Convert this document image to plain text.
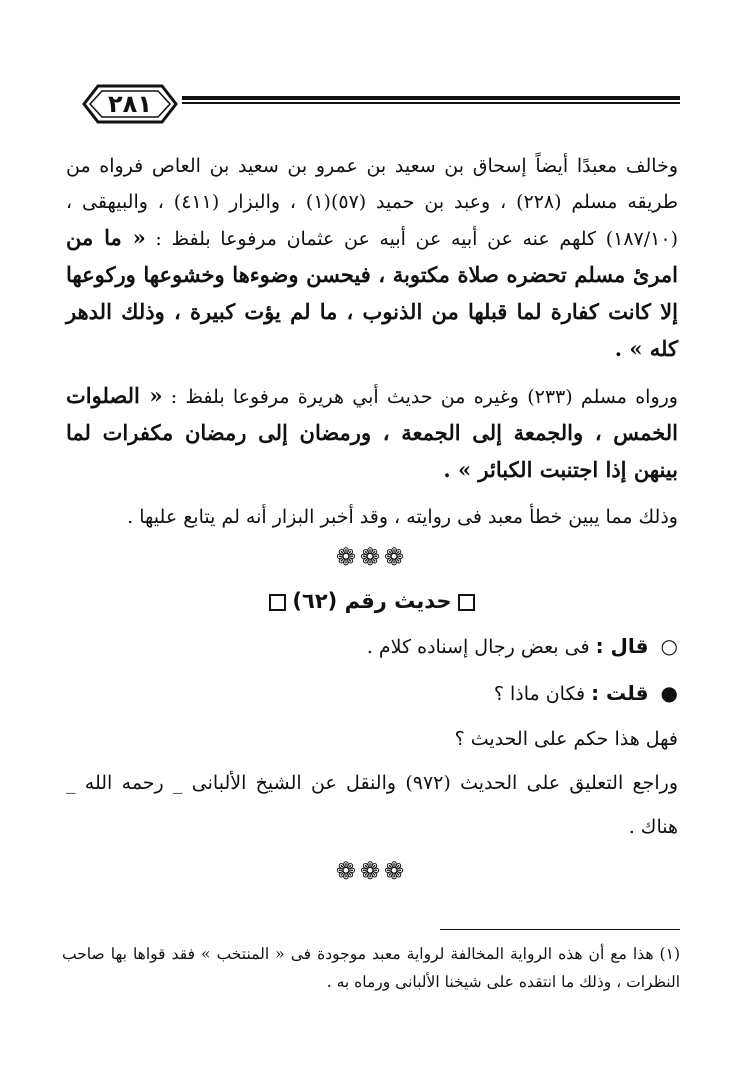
٢٨١

وخالف معبدًا أيضاً إسحاق بن سعيد بن عمرو بن سعيد بن العاص فرواه من طريقه مسلم (٢٢٨) ، وعبد بن حميد (٥٧)(١) ، والبزار (٤١١) ، والبيهقى ، (١٨٧/١٠) كلهم عنه عن أبيه عن أبيه عن عثمان مرفوعا بلفظ : « ما من امرئ مسلم تحضره صلاة مكتوبة ، فيحسن وضوءها وخشوعها وركوعها إلا كانت كفارة لما قبلها من الذنوب ، ما لم يؤت كبيرة ، وذلك الدهر كله » .

ورواه مسلم (٢٣٣) وغيره من حديث أبي هريرة مرفوعا بلفظ : « الصلوات الخمس ، والجمعة إلى الجمعة ، ورمضان إلى رمضان مكفرات لما بينهن إذا اجتنبت الكبائر » .

وذلك مما يبين خطأ معبد فى روايته ، وقد أخبر البزار أنه لم يتابع عليها .

❁❁❁
حديث رقم (٦٢)
○ قال : فى بعض رجال إسناده كلام .
● قلت : فكان ماذا ؟

فهل هذا حكم على الحديث ؟

وراجع التعليق على الحديث (٩٧٢) والنقل عن الشيخ الألبانى _ رحمه الله _ هناك .

❁❁❁
(١) هذا مع أن هذه الرواية المخالفة لرواية معبد موجودة فى « المنتخب » فقد قواها بها صاحب النظرات ، وذلك ما انتقده على شيخنا الألبانى ورماه به .
